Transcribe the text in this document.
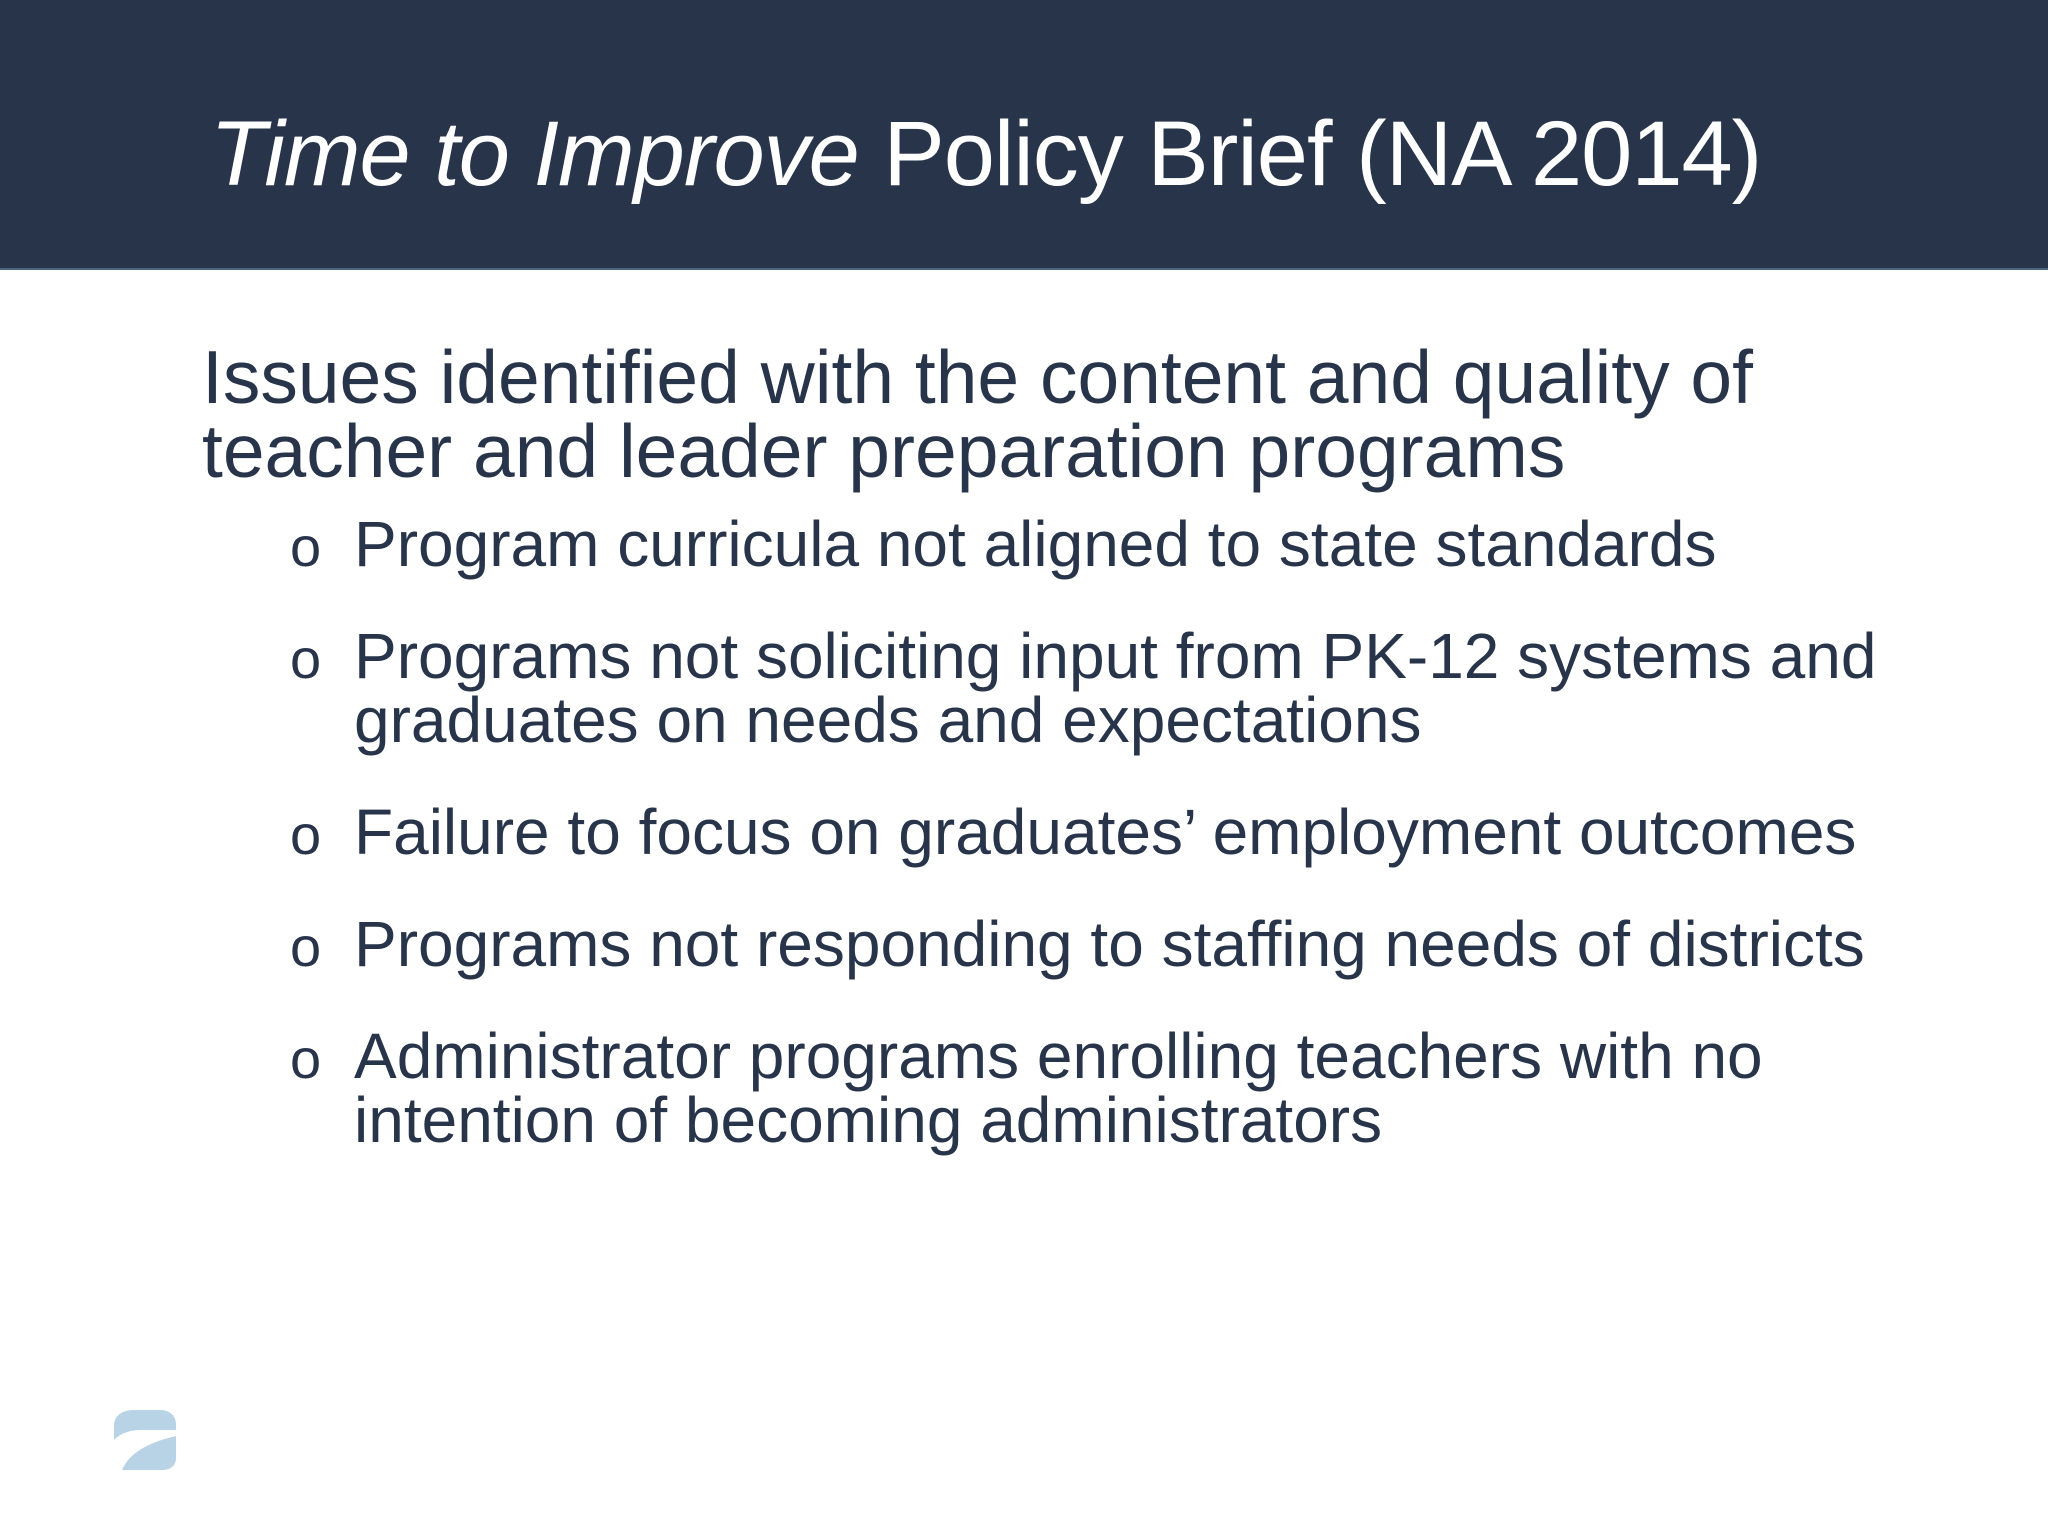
Time to Improve Policy Brief (NA 2014)

Issues identified with the content and quality of teacher and leader preparation programs

o Program curricula not aligned to state standards
o Programs not soliciting input from PK-12 systems and graduates on needs and expectations
o Failure to focus on graduates’ employment outcomes
o Programs not responding to staffing needs of districts
o Administrator programs enrolling teachers with no intention of becoming administrators
